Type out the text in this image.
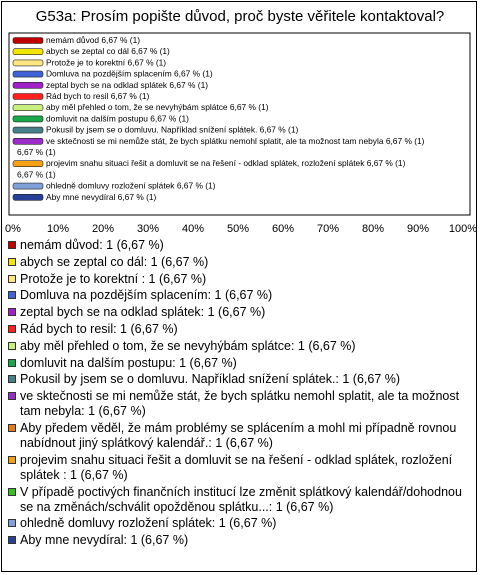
G53a: Prosím popište důvod, proč byste věřitele kontaktoval?
nemám důvod 6,67 % (1)
abych se zeptal co dál 6,67 % (1)
Protože je to korektní 6,67 % (1)
Domluva na pozdějším splacením 6,67 % (1)
zeptal bych se na odklad splátek 6,67 % (1)
Rád bych to resil 6,67 % (1)
aby měl přehled o tom, že se nevyhýbám splátce 6,67 % (1)
domluvit na dalším postupu 6,67 % (1)
Pokusil by jsem se o domluvu. Například snížení splátek. 6,67 % (1)
ve sktečnosti se mi nemůže stát, že bych splátku nemohl splatit, ale ta možnost tam nebyla 6,67 % (1)
6,67 % (1)
projevim snahu situaci řešit a domluvit se na řešení - odklad splátek, rozložení splátek 6,67 % (1)
6,67 % (1)
ohledně domluvy rozložení splátek 6,67 % (1)
Aby mne nevydíral 6,67 % (1)
0% 10% 20% 30% 40% 50% 60% 70% 80% 90% 100%
nemám důvod: 1 (6,67 %)
abych se zeptal co dál: 1 (6,67 %)
Protože je to korektní : 1 (6,67 %)
Domluva na pozdějším splacením: 1 (6,67 %)
zeptal bych se na odklad splátek: 1 (6,67 %)
Rád bych to resil: 1 (6,67 %)
aby měl přehled o tom, že se nevyhýbám splátce: 1 (6,67 %)
domluvit na dalším postupu: 1 (6,67 %)
Pokusil by jsem se o domluvu. Například snížení splátek.: 1 (6,67 %)
ve sktečnosti se mi nemůže stát, že bych splátku nemohl splatit, ale ta možnost tam nebyla: 1 (6,67 %)
Aby předem věděl, že mám problémy se splácením a mohl mi případně rovnou nabídnout jiný splátkový kalendář.: 1 (6,67 %)
projevim snahu situaci řešit a domluvit se na řešení - odklad splátek, rozložení splátek : 1 (6,67 %)
V případě poctivých finančních institucí lze změnit splátkový kalendář/dohodnou se na změnách/schválit opožděnou splátku...: 1 (6,67 %)
ohledně domluvy rozložení splátek: 1 (6,67 %)
Aby mne nevydíral: 1 (6,67 %)
